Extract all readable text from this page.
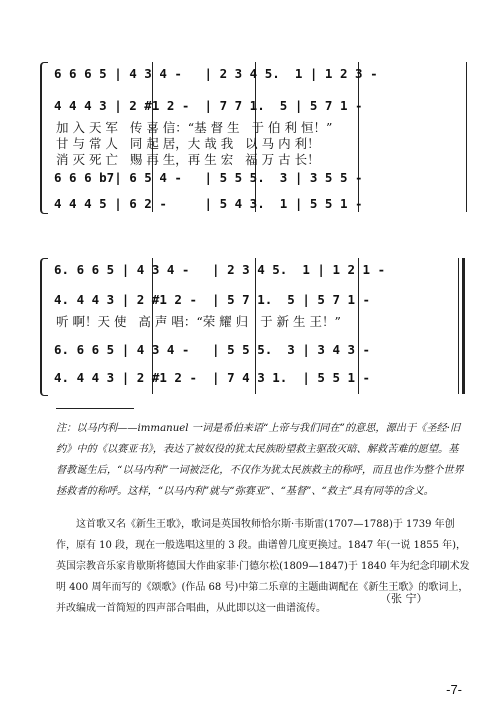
6 6 6 5 | 4 3 4 -   | 2 3 4 5.  1 | 1 2 3 -
4 4 4 3 | 2 #1 2 -  | 7 7 1.  5 | 5 7 1 -
加 入 天 军   传 喜 信：“基 督 生   于 伯 利 恒！”
甘 与 常 人   同 起 居，大 哉 我   以 马 内 利！
消 灭 死 亡   赐 再 生，再 生 宏   福 万 古 长！
6 6 6 b7| 6 5 4 -   | 5 5 5.  3 | 3 5 5 -
4 4 4 5 | 6 2 -     | 5 4 3.  1 | 5 5 1 -
6. 6 6 5 | 4 3 4 -   | 2 3 4 5.  1 | 1 2 1 -
4. 4 4 3 | 2 #1 2 -  | 5 7 1.  5 | 5 7 1 -
听 啊！天 使   高 声 唱：“荣 耀 归   于 新 生 王！”
6. 6 6 5 | 4 3 4 -   | 5 5 5.  3 | 3 4 3 -
4. 4 4 3 | 2 #1 2 -  | 7 4 3 1.  | 5 5 1 -

注：以马内利——immanuel 一词是希伯来语“上帝与我们同在”的意思，源出于《圣经·旧约》中的《以赛亚书》，表达了被奴役的犹太民族盼望救主驱敌灭暗、解救苦难的愿望。基督教诞生后，“以马内利”一词被泛化，不仅作为犹太民族救主的称呼，而且也作为整个世界拯救者的称呼。这样，“以马内利”就与“弥赛亚”、“基督”、“救主”具有同等的含义。

这首歌又名《新生王歌》，歌词是英国牧师恰尔斯·韦斯雷(1707—1788)于 1739 年创作，原有 10 段，现在一般选唱这里的 3 段。曲谱曾几度更换过。1847 年(一说 1855 年)，英国宗教音乐家肯歇斯将德国大作曲家菲·门德尔松(1809—1847)于 1840 年为纪念印刷术发明 400 周年而写的《颂歌》(作品 68 号)中第二乐章的主题曲调配在《新生王歌》的歌词上，并改编成一首简短的四声部合唱曲，从此即以这一曲谱流传。

（张 宁）
-7-
